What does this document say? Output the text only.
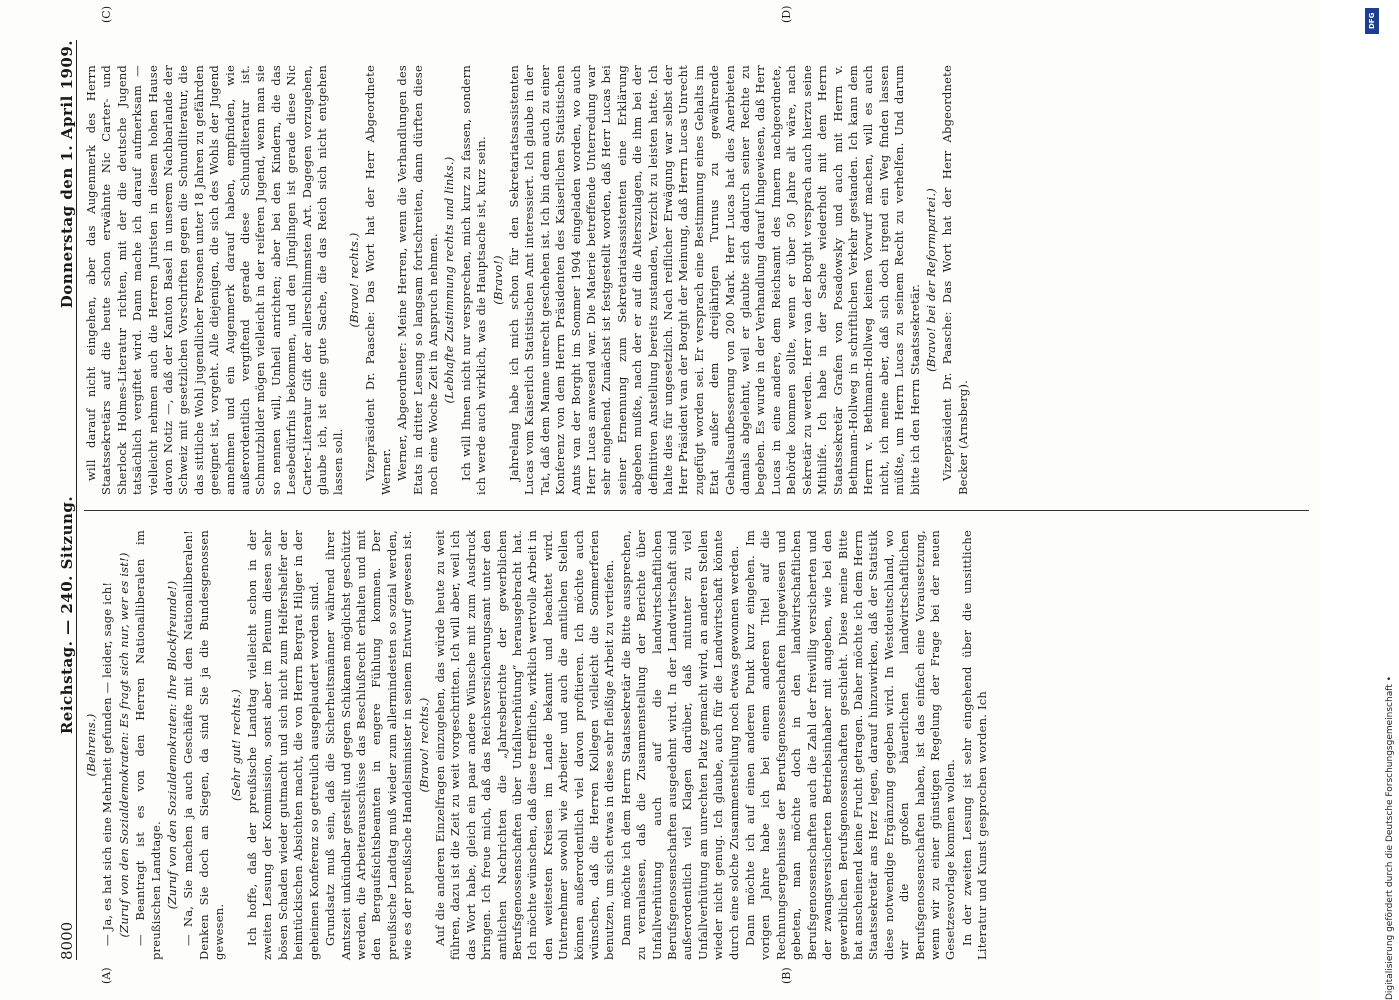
8000
Reichstag. — 240. Sitzung.
Donnerstag den 1. April 1909.
(A)	(B)
(C)	(D)

(Behrens.) — Ja, es hat sich eine Mehrheit gefunden — leider, sage ich! (Zuruf von den Sozialdemokraten: Es fragt sich nur, wer es ist!) — Beantragt ist es von den Herren Nationalliberalen im preußischen Landtage. (Zuruf von den Sozialdemokraten: Ihre Blockfreunde!) — Na, Sie machen ja auch Geschäfte mit den Nationalliberalen! Denken Sie doch an Siegen, da sind Sie ja die Bundesgenossen gewesen.

(Sehr gut! rechts.) Ich hoffe, daß der preußische Landtag vielleicht schon in der zweiten Lesung der Kommission, sonst aber im Plenum diesen sehr bösen Schaden wieder gutmacht und sich nicht zum Helfershelfer der heimtückischen Absichten macht, die von Herrn Bergrat Hilger in der geheimen Konferenz so getreulich ausgeplaudert worden sind. Grundsatz muß sein, daß die Sicherheitsmänner während ihrer Amtszeit unkündbar gestellt und gegen Schikanen möglichst geschützt werden, die Arbeiterausschüsse das Beschlußrecht erhalten und mit den Bergaufsichtsbeamten in engere Fühlung kommen. Der preußische Landtag muß wieder zum allermindesten so sozial werden, wie es der preußische Handelsminister in seinem Entwurf gewesen ist. (Bravo! rechts.) Auf die anderen Einzelfragen einzugehen, das würde heute zu weit führen, dazu ist die Zeit zu weit vorgeschritten. Ich will aber, weil ich das Wort habe, gleich ein paar andere Wünsche mit zum Ausdruck bringen. Ich freue mich, daß das Reichsversicherungsamt unter den amtlichen Nachrichten die „Jahresberichte der gewerblichen Berufsgenossenschaften über Unfallverhütung“ herausgebracht hat. Ich möchte wünschen, daß diese treffliche, wirklich wertvolle Arbeit in den weitesten Kreisen im Lande bekannt und beachtet wird. Unternehmer sowohl wie Arbeiter und auch die amtlichen Stellen können außerordentlich viel davon profitieren. Ich möchte auch wünschen, daß die Herren Kollegen vielleicht die Sommerferien benutzen, um sich etwas in diese sehr fleißige Arbeit zu vertiefen. Dann möchte ich dem Herrn Staatssekretär die Bitte aussprechen, zu veranlassen, daß die Zusammenstellung der Berichte über Unfallverhütung auch auf die landwirtschaftlichen Berufsgenossenschaften ausgedehnt wird. In der Landwirtschaft sind außerordentlich viel Klagen darüber, daß mitunter zu viel Unfallverhütung am unrechten Platz gemacht wird, an anderen Stellen wieder nicht genug. Ich glaube, auch für die Landwirtschaft könnte durch eine solche Zusammenstellung noch etwas gewonnen werden. Dann möchte ich auf einen anderen Punkt kurz eingehen. Im vorigen Jahre habe ich bei einem anderen Titel auf die Rechnungsergebnisse der Berufsgenossenschaften hingewiesen und gebeten, man möchte doch in den landwirtschaftlichen Berufsgenossenschaften auch die Zahl der freiwillig versicherten und der zwangsversicherten Betriebsinhaber mit angeben, wie bei den gewerblichen Berufsgenossenschaften geschieht. Diese meine Bitte hat anscheinend keine Frucht getragen. Daher möchte ich dem Herrn Staatssekretär ans Herz legen, darauf hinzuwirken, daß der Statistik diese notwendige Ergänzung gegeben wird. In Westdeutschland, wo wir die großen bäuerlichen landwirtschaftlichen Berufsgenossenschaften haben, ist das einfach eine Voraussetzung, wenn wir zu einer günstigen Regelung der Frage bei der neuen Gesetzesvorlage kommen wollen. In der zweiten Lesung ist sehr eingehend über die unsittliche Literatur und Kunst gesprochen worden. Ich

will darauf nicht eingehen, aber das Augenmerk des Herrn Staatssekretärs auf die heute schon erwähnte Nic Carter- und Sherlock Holmes-Literatur richten, mit der die deutsche Jugend tatsächlich vergiftet wird. Dann mache ich darauf aufmerksam — vielleicht nehmen auch die Herren Juristen in diesem hohen Hause davon Notiz —, daß der Kanton Basel in unserem Nachbarlande der Schweiz mit gesetzlichen Vorschriften gegen die Schundliteratur, die das sittliche Wohl jugendlicher Personen unter 18 Jahren zu gefährden geeignet ist, vorgeht. Alle diejenigen, die sich des Wohls der Jugend annehmen und ein Augenmerk darauf haben, empfinden, wie außerordentlich vergiftend gerade diese Schundliteratur ist. Schmutzbilder mögen vielleicht in der reiferen Jugend, wenn man sie so nennen will, Unheil anrichten; aber bei den Kindern, die das Lesebedürfnis bekommen, und den Jünglingen ist gerade diese Nic Carter-Literatur Gift der allerschlimmsten Art. Dagegen vorzugehen, glaube ich, ist eine gute Sache, die das Reich sich nicht entgehen lassen soll.

(Bravo! rechts.) Vizepräsident Dr. Paasche: Das Wort hat der Herr Abgeordnete Werner. Werner, Abgeordneter: Meine Herren, wenn die Verhandlungen des Etats in dritter Lesung so langsam fortschreiten, dann dürften diese noch eine Woche Zeit in Anspruch nehmen. (Lebhafte Zustimmung rechts und links.) Ich will Ihnen nicht nur versprechen, mich kurz zu fassen, sondern ich werde auch wirklich, was die Hauptsache ist, kurz sein. (Bravo!) Jahrelang habe ich mich schon für den Sekretariatsassistenten Lucas vom Kaiserlich Statistischen Amt interessiert. Ich glaube in der Tat, daß dem Manne unrecht geschehen ist. Ich bin denn auch zu einer Konferenz von dem Herrn Präsidenten des Kaiserlichen Statistischen Amts van der Borght im Sommer 1904 eingeladen worden, wo auch Herr Lucas anwesend war. Die Materie betreffende Unterredung war sehr eingehend. Zunächst ist festgestellt worden, daß Herr Lucas bei seiner Ernennung zum Sekretariatsassistenten eine Erklärung abgeben mußte, nach der er auf die Alterszulagen, die ihm bei der definitiven Anstellung bereits zustanden, Verzicht zu leisten hatte. Ich halte dies für ungesetzlich. Nach reiflicher Erwägung war selbst der Herr Präsident van der Borght der Meinung, daß Herrn Lucas Unrecht zugefügt worden sei. Er versprach eine Bestimmung eines Gehalts im Etat außer dem dreijährigen Turnus zu gewährende Gehaltsaufbesserung von 200 Mark. Herr Lucas hat dies Anerbieten damals abgelehnt, weil er glaubte sich dadurch seiner Rechte zu begeben. Es wurde in der Verhandlung darauf hingewiesen, daß Herr Lucas in eine andere, dem Reichsamt des Innern nachgeordnete, Behörde kommen sollte, wenn er über 50 Jahre alt wäre, nach Sekretär zu werden. Herr van der Borght versprach auch hierzu seine Mithilfe. Ich habe in der Sache wiederholt mit dem Herrn Staatssekretär Grafen von Posadowsky und auch mit Herrn v. Bethmann-Hollweg in schriftlichen Verkehr gestanden. Ich kann dem Herrn v. Bethmann-Hollweg keinen Vorwurf machen, will es auch nicht, ich meine aber, daß sich doch irgend ein Weg finden lassen müßte, um Herrn Lucas zu seinem Recht zu verhelfen. Und darum bitte ich den Herrn Staatssekretär.

(Bravo! bei der Reformpartei.) Vizepräsident Dr. Paasche: Das Wort hat der Herr Abgeordnete Becker (Arnsberg).

Digitalisierung gefördert durch die Deutsche Forschungsgemeinschaft •
DFG
